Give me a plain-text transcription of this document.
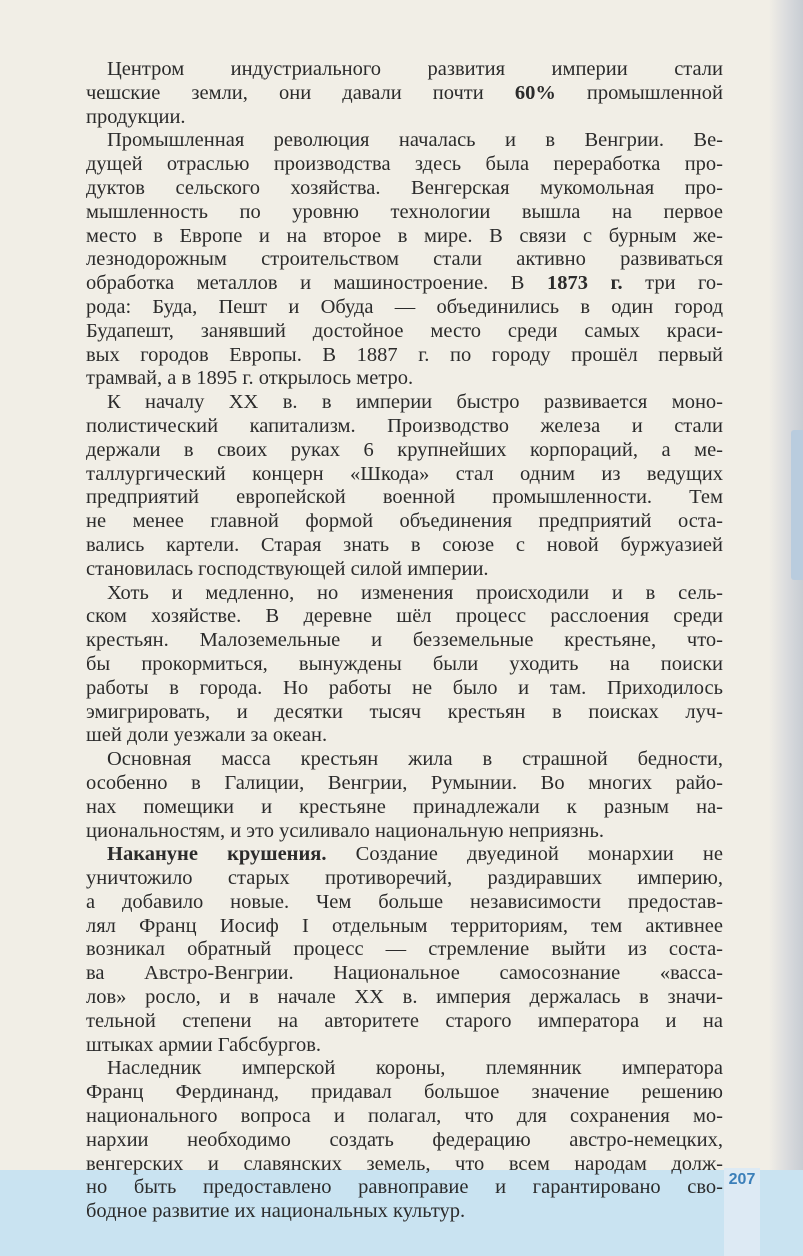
207
Центром индустриального развития империи стали
чешские земли, они давали почти 60% промышленной
продукции.
Промышленная революция началась и в Венгрии. Ве-
дущей отраслью производства здесь была переработка про-
дуктов сельского хозяйства. Венгерская мукомольная про-
мышленность по уровню технологии вышла на первое
место в Европе и на второе в мире. В связи с бурным же-
лезнодорожным строительством стали активно развиваться
обработка металлов и машиностроение. В 1873 г. три го-
рода: Буда, Пешт и Обуда — объединились в один город
Будапешт, занявший достойное место среди самых краси-
вых городов Европы. В 1887 г. по городу прошёл первый
трамвай, а в 1895 г. открылось метро.
К началу XX в. в империи быстро развивается моно-
полистический капитализм. Производство железа и стали
держали в своих руках 6 крупнейших корпораций, а ме-
таллургический концерн «Шкода» стал одним из ведущих
предприятий европейской военной промышленности. Тем
не менее главной формой объединения предприятий оста-
вались картели. Старая знать в союзе с новой буржуазией
становилась господствующей силой империи.
Хоть и медленно, но изменения происходили и в сель-
ском хозяйстве. В деревне шёл процесс расслоения среди
крестьян. Малоземельные и безземельные крестьяне, что-
бы прокормиться, вынуждены были уходить на поиски
работы в города. Но работы не было и там. Приходилось
эмигрировать, и десятки тысяч крестьян в поисках луч-
шей доли уезжали за океан.
Основная масса крестьян жила в страшной бедности,
особенно в Галиции, Венгрии, Румынии. Во многих райо-
нах помещики и крестьяне принадлежали к разным на-
циональностям, и это усиливало национальную неприязнь.
Накануне крушения. Создание двуединой монархии не
уничтожило старых противоречий, раздиравших империю,
а добавило новые. Чем больше независимости предостав-
лял Франц Иосиф I отдельным территориям, тем активнее
возникал обратный процесс — стремление выйти из соста-
ва Австро-Венгрии. Национальное самосознание «васса-
лов» росло, и в начале XX в. империя держалась в значи-
тельной степени на авторитете старого императора и на
штыках армии Габсбургов.
Наследник имперской короны, племянник императора
Франц Фердинанд, придавал большое значение решению
национального вопроса и полагал, что для сохранения мо-
нархии необходимо создать федерацию австро-немецких,
венгерских и славянских земель, что всем народам долж-
но быть предоставлено равноправие и гарантировано сво-
бодное развитие их национальных культур.
